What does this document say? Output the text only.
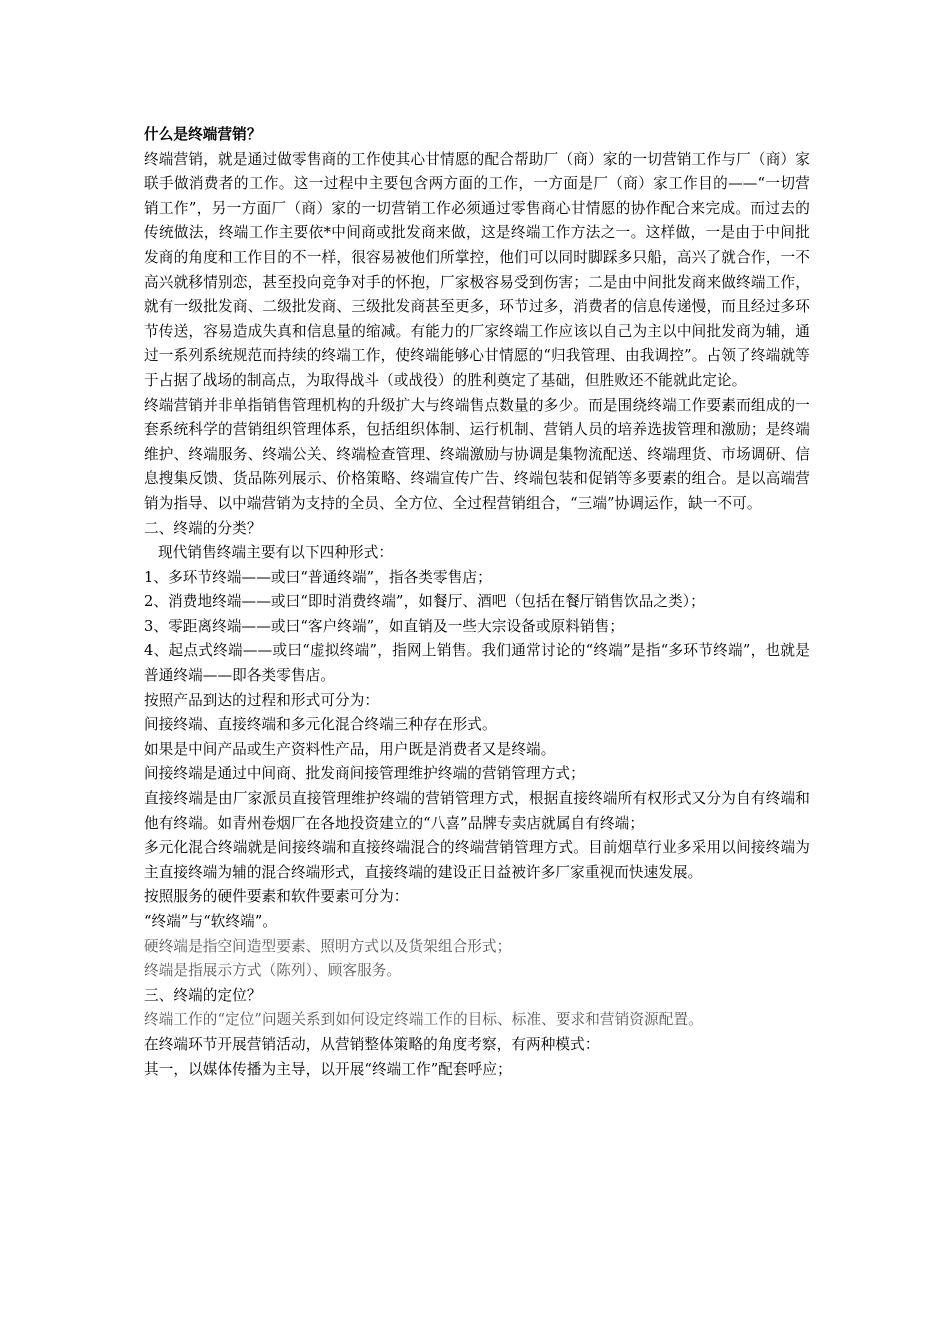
什么是终端营销？

终端营销，就是通过做零售商的工作使其心甘情愿的配合帮助厂（商）家的一切营销工作与厂（商）家联手做消费者的工作。这一过程中主要包含两方面的工作，一方面是厂（商）家工作目的——“一切营销工作”，另一方面厂（商）家的一切营销工作必须通过零售商心甘情愿的协作配合来完成。而过去的传统做法，终端工作主要依*中间商或批发商来做，这是终端工作方法之一。这样做，一是由于中间批发商的角度和工作目的不一样，很容易被他们所掌控，他们可以同时脚踩多只船，高兴了就合作，一不高兴就移情别恋，甚至投向竞争对手的怀抱，厂家极容易受到伤害；二是由中间批发商来做终端工作，就有一级批发商、二级批发商、三级批发商甚至更多，环节过多，消费者的信息传递慢，而且经过多环节传送，容易造成失真和信息量的缩减。有能力的厂家终端工作应该以自己为主以中间批发商为辅，通过一系列系统规范而持续的终端工作，使终端能够心甘情愿的“归我管理、由我调控”。占领了终端就等于占据了战场的制高点，为取得战斗（或战役）的胜利奠定了基础，但胜败还不能就此定论。

终端营销并非单指销售管理机构的升级扩大与终端售点数量的多少。而是围绕终端工作要素而组成的一套系统科学的营销组织管理体系，包括组织体制、运行机制、营销人员的培养选拔管理和激励；是终端维护、终端服务、终端公关、终端检查管理、终端激励与协调是集物流配送、终端理货、市场调研、信息搜集反馈、货品陈列展示、价格策略、终端宣传广告、终端包装和促销等多要素的组合。是以高端营销为指导、以中端营销为支持的全员、全方位、全过程营销组合，“三端”协调运作，缺一不可。

二、终端的分类？

现代销售终端主要有以下四种形式：

1、多环节终端——或曰“普通终端”，指各类零售店；

2、消费地终端——或曰“即时消费终端”，如餐厅、酒吧（包括在餐厅销售饮品之类）；

3、零距离终端——或曰“客户终端”，如直销及一些大宗设备或原料销售；

4、起点式终端——或曰“虚拟终端”，指网上销售。我们通常讨论的“终端”是指“多环节终端”，也就是普通终端——即各类零售店。

按照产品到达的过程和形式可分为：

间接终端、直接终端和多元化混合终端三种存在形式。

如果是中间产品或生产资料性产品，用户既是消费者又是终端。

间接终端是通过中间商、批发商间接管理维护终端的营销管理方式；

直接终端是由厂家派员直接管理维护终端的营销管理方式，根据直接终端所有权形式又分为自有终端和他有终端。如青州卷烟厂在各地投资建立的“八喜”品牌专卖店就属自有终端；

多元化混合终端就是间接终端和直接终端混合的终端营销管理方式。目前烟草行业多采用以间接终端为主直接终端为辅的混合终端形式，直接终端的建设正日益被许多厂家重视而快速发展。

按照服务的硬件要素和软件要素可分为：

“终端”与“软终端”。

硬终端是指空间造型要素、照明方式以及货架组合形式；

终端是指展示方式（陈列）、顾客服务。

三、终端的定位？

终端工作的“定位”问题关系到如何设定终端工作的目标、标准、要求和营销资源配置。

在终端环节开展营销活动，从营销整体策略的角度考察，有两种模式：

其一，以媒体传播为主导，以开展“终端工作”配套呼应；
